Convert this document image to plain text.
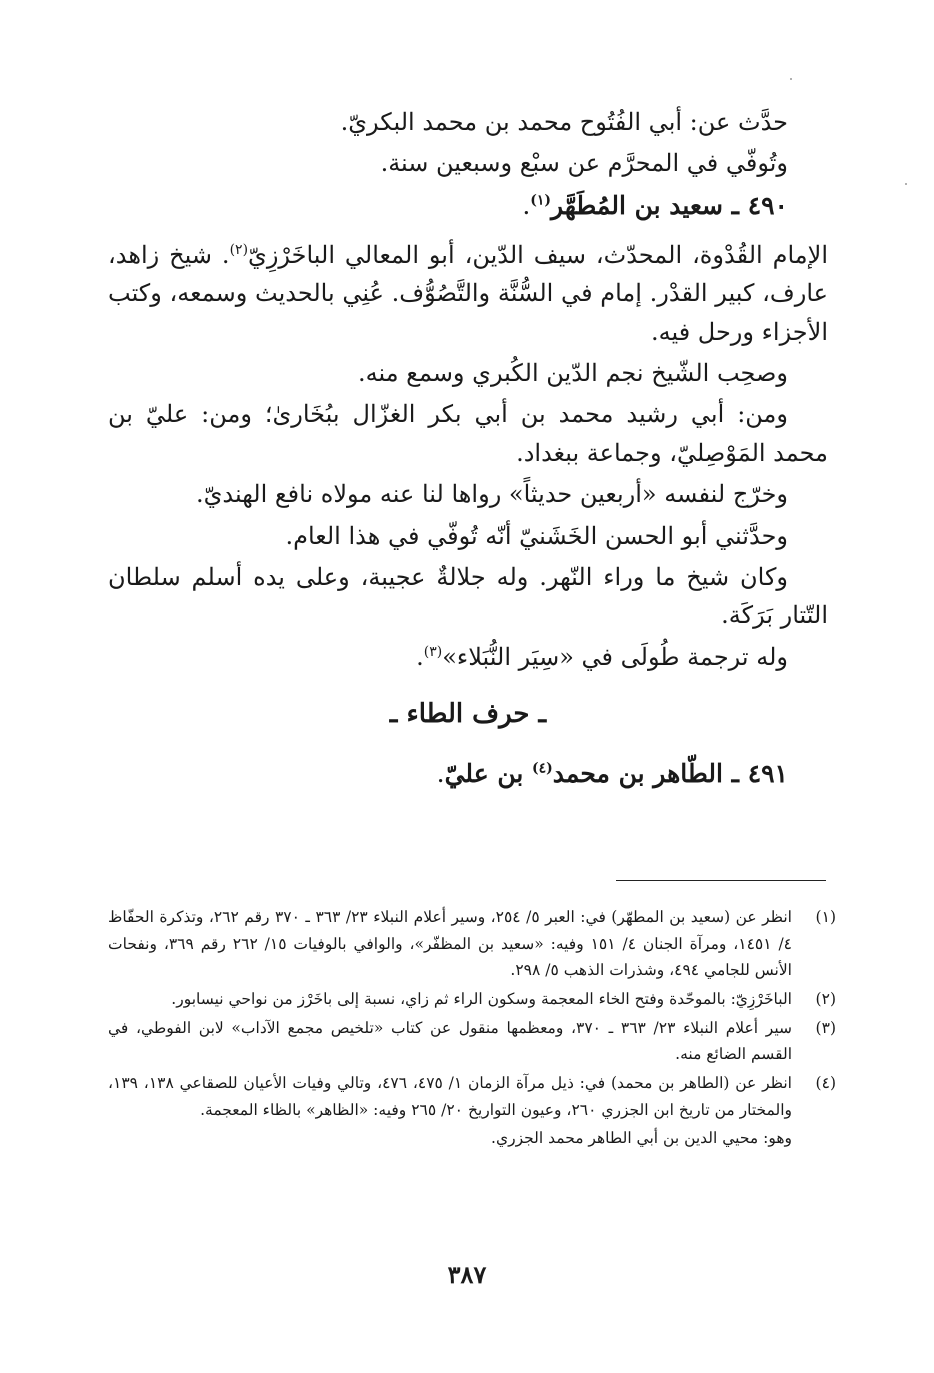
حدَّث عن: أبي الفُتُوح محمد بن محمد البكريّ.

وتُوفّي في المحرَّم عن سبْع وسبعين سنة.

٤٩٠ ـ سعيد بن المُطَهَّر$^{(١)}$.

الإمام القُدْوة، المحدّث، سيف الدّين، أبو المعالي الباخَرْزِيّ$^{(٢)}$. شيخ زاهد، عارف، كبير القدْر. إمام في السُّنَّة والتَّصُوُّف. عُنِي بالحديث وسمعه، وكتب الأجزاء ورحل فيه.

وصحِب الشّيخ نجم الدّين الكُبري وسمع منه.

ومن: أبي رشيد محمد بن أبي بكر الغزّال ببُخَارىٰ؛ ومن: عليّ بن محمد المَوْصِليّ، وجماعة ببغداد.

وخرّج لنفسه «أربعين حديثاً» رواها لنا عنه مولاه نافع الهنديّ.

وحدَّثني أبو الحسن الخَشَنيّ أنّه تُوفّي في هذا العام.

وكان شيخ ما وراء النّهر. وله جلالةٌ عجيبة، وعلى يده أسلم سلطان التّتار بَرَكَة.

وله ترجمة طُولَى في «سِيَر النُّبَلاء»$^{(٣)}$.

ـ حرف الطاء ـ

٤٩١ ـ الطّاهر بن محمد$^{(٤)}$ بن عليّ.

(١)
انظر عن (سعيد بن المطهّر) في: العبر ٥/ ٢٥٤، وسير أعلام النبلاء ٢٣/ ٣٦٣ ـ ٣٧٠ رقم ٢٦٢، وتذكرة الحفّاظ ٤/ ١٤٥١، ومرآة الجنان ٤/ ١٥١ وفيه: «سعيد بن المظفّر»، والوافي بالوفيات ١٥/ ٢٦٢ رقم ٣٦٩، ونفحات الأنس للجامي ٤٩٤، وشذرات الذهب ٥/ ٢٩٨.
(٢)
الباخَرْزِيّ: بالموحّدة وفتح الخاء المعجمة وسكون الراء ثم زاي، نسبة إلى باخَرْز من نواحي نيسابور.
(٣)
سير أعلام النبلاء ٢٣/ ٣٦٣ ـ ٣٧٠، ومعظمها منقول عن كتاب «تلخيص مجمع الآداب» لابن الفوطي، في القسم الضائع منه.
(٤)
انظر عن (الطاهر بن محمد) في: ذيل مرآة الزمان ١/ ٤٧٥، ٤٧٦، وتالي وفيات الأعيان للصقاعي ١٣٨، ١٣٩، والمختار من تاريخ ابن الجزري ٢٦٠، وعيون التواريخ ٢٠/ ٢٦٥ وفيه: «الظاهر» بالظاء المعجمة.
وهو: محيي الدين بن أبي الطاهر محمد الجزري.
٣٨٧
